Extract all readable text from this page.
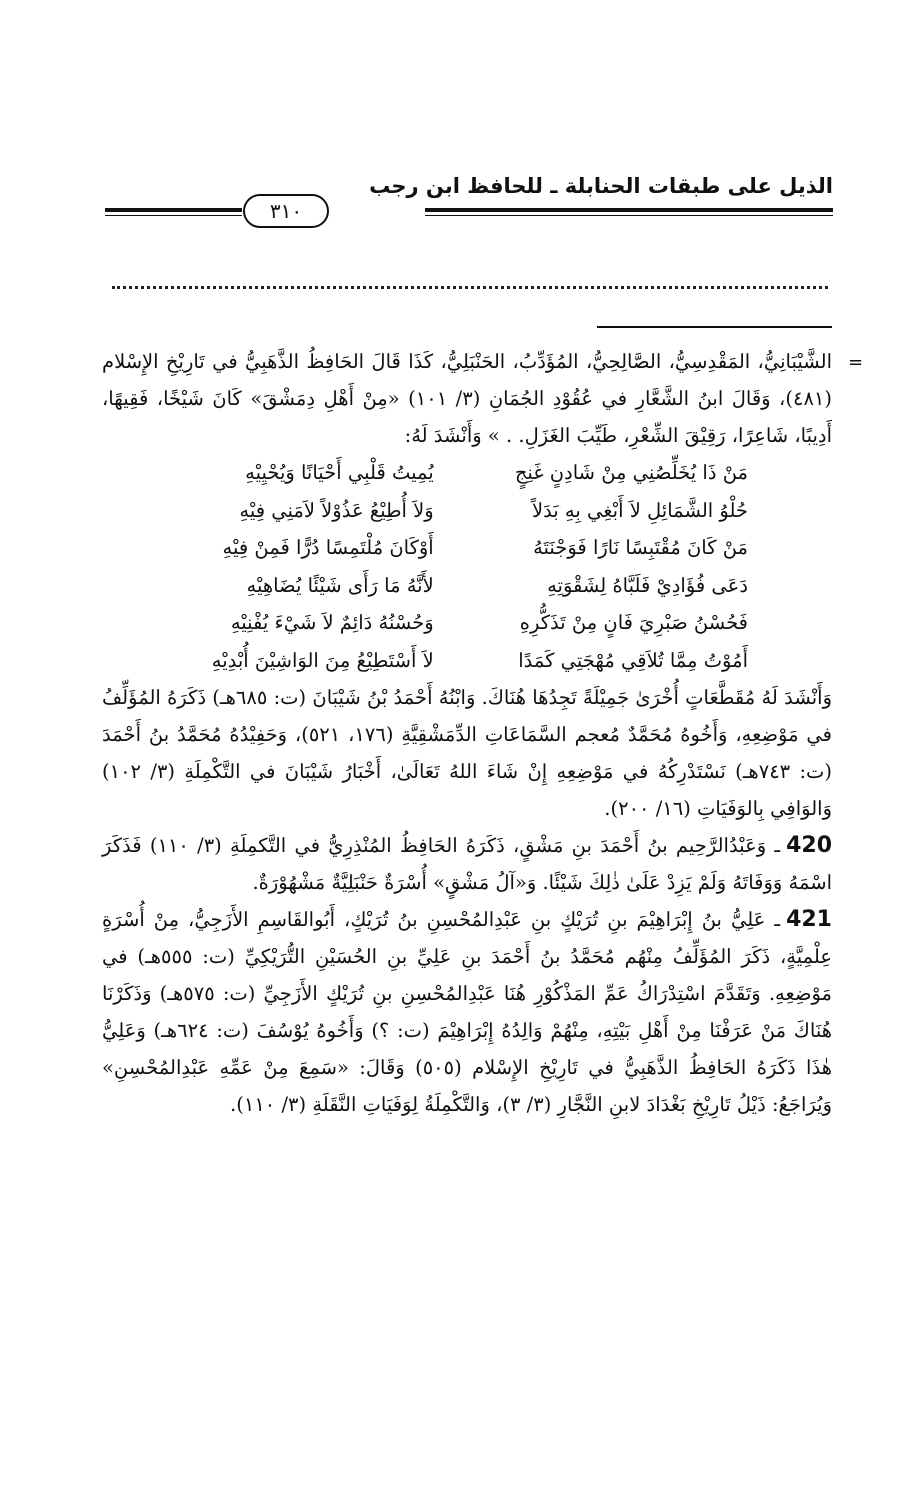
الذيل على طبقات الحنابلة ـ للحافظ ابن رجب
٣١٠
=

الشَّيْبَانِيُّ، المَقْدِسِيُّ، الصَّالِحِيُّ، المُؤَدِّبُ، الحَنْبَلِيُّ، كَذَا قَالَ الحَافِظُ الذَّهَبِيُّ في تَارِيْخِ الإِسْلام (٤٨١)، وَقَالَ ابنُ الشَّعَّارِ في عُقُوْدِ الجُمَانِ (٣/ ١٠١) «مِنْ أَهْلِ دِمَشْقَ» كَانَ شَيْخًا، فَقِيهًا، أَدِيبًا، شَاعِرًا، رَقِيْقَ الشِّعْرِ، طَيِّبَ الغَزَلِ. . » وَأَنْشَدَ لَهُ:

مَنْ ذَا يُخَلِّصُنِي مِنْ شَادِنٍ غَنِجٍ
يُمِيتُ قَلْبِي أَحْيَانًا وَيُحْيِيْهِ
حُلْوُ الشَّمَائِلِ لاَ أَبْغِي بِهِ بَدَلاً
وَلاَ أُطِيْعُ عَذُوْلاً لاَمَنِي فِيْهِ
مَنْ كَانَ مُقْتَبِسًا نَارًا فَوَجْنَتَهُ
أَوْكَانَ مُلْتَمِسًا دُرًّا فَمِنْ فِيْهِ
دَعَى فُؤَادِيْ فَلَبَّاهُ لِشَقْوَتِهِ
لأَنَّهُ مَا رَأَى شَيْئًا يُضَاهِيْهِ
فَحُسْنُ صَبْرِيَ فَانٍ مِنْ تَذَكُّرِهِ
وَحُسْنُهُ دَائِمٌ لاَ شَيْءَ يُفْنِيْهِ
أَمُوْتُ مِمَّا تُلاَقِي مُهْجَتِي كَمَدًا
لاَ أَسْتَطِيْعُ مِنَ الوَاشِيْنَ أُبْدِيْهِ

وَأَنْشَدَ لَهُ مُقَطَّعَاتٍ أُخْرَىٰ جَمِيْلَةً تَجِدُهَا هُنَاكَ. وَابْنُهُ أَحْمَدُ بْنُ شَيْبَانَ (ت: ٦٨٥هـ) ذَكَرَهُ المُؤَلِّفُ في مَوْضِعِهِ، وَأَخُوهُ مُحَمَّدٌ مُعجم السَّمَاعَاتِ الدِّمَشْقِيَّةِ (١٧٦، ٥٢١)، وَحَفِيْدُهُ مُحَمَّدُ بنُ أَحْمَدَ (ت: ٧٤٣هـ) نَسْتَدْرِكُهُ في مَوْضِعِهِ إِنْ شَاءَ اللهُ تَعَالَىٰ، أَخْبَارُ شَيْبَانَ في التَّكْمِلَةِ (٣/ ١٠٢) وَالوَافِي بِالوَفَيَاتِ (١٦/ ٢٠٠).

420ـ وَعَبْدُالرَّحِيم بنُ أَحْمَدَ بنِ مَشْقٍ، ذَكَرَهُ الحَافِظُ المُنْذِرِيُّ في التَّكمِلَةِ (٣/ ١١٠) فَذَكَرَ اسْمَهُ وَوَفَاتَهُ وَلَمْ يَزِدْ عَلَىٰ ذٰلِكَ شَيْئًا. وَ«آلُ مَشْقٍ» أُسْرَةٌ حَنْبَلِيَّةٌ مَشْهُوْرَةٌ.

421ـ عَلِيُّ بنُ إِبْرَاهِيْمَ بنِ تُرَيْكٍ بنِ عَبْدِالمُحْسِنِ بنُ تُرَيْكٍ، أَبُوالقَاسِمِ الأَزَجِيُّ، مِنْ أُسْرَةٍ عِلْمِيَّةٍ، ذَكَرَ المُؤَلِّفُ مِنْهُم مُحَمَّدُ بنُ أَحْمَدَ بنِ عَلِيِّ بنِ الحُسَيْنِ التُّرَيْكِيِّ (ت: ٥٥٥هـ) في مَوْضِعِهِ. وَتَقَدَّمَ اسْتِدْرَاكُ عَمِّ المَذْكُوْرِ هُنَا عَبْدِالمُحْسِنِ بنِ تُرَيْكٍ الأَزَجِيِّ (ت: ٥٧٥هـ) وَذَكَرْنَا هُنَاكَ مَنْ عَرَفْنَا مِنْ أَهْلِ بَيْتِهِ، مِنْهُمْ وَالِدُهُ إِبْرَاهِيْمَ (ت: ؟) وَأَخُوهُ يُوْسُفَ (ت: ٦٢٤هـ) وَعَلِيُّ هٰذَا ذَكَرَهُ الحَافِظُ الذَّهَبِيُّ في تَارِيْخِ الإِسْلام (٥٠٥) وَقَالَ: «سَمِعَ مِنْ عَمِّهِ عَبْدِالمُحْسِنِ» وَيُرَاجَعُ: ذَيْلُ تَارِيْخِ بَغْدَادَ لابنِ النَّجَّارِ (٣/ ٣)، وَالتَّكْمِلَةُ لِوَفَيَاتِ النَّقَلَةِ (٣/ ١١٠).
